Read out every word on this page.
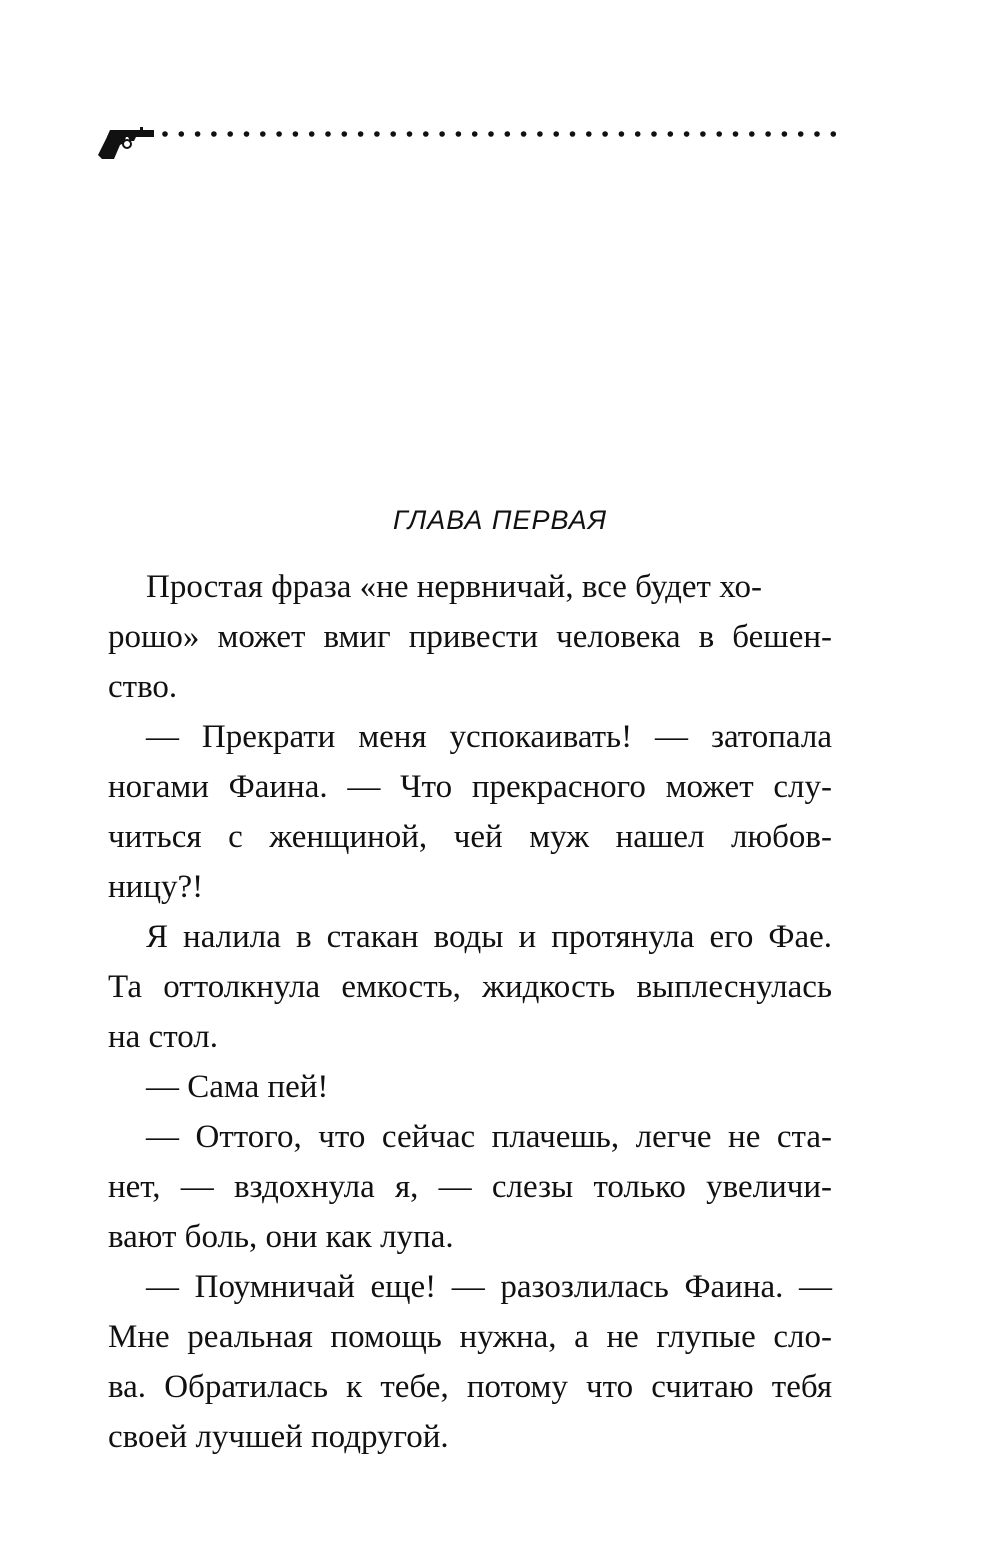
ГЛАВА ПЕРВАЯ
Простая фраза «не нервничай, все будет хо-
рошо» может вмиг привести человека в бешен-
ство.
— Прекрати меня успокаивать! — затопала
ногами Фаина. — Что прекрасного может слу-
читься с женщиной, чей муж нашел любов-
ницу?!
Я налила в стакан воды и протянула его Фае.
Та оттолкнула емкость, жидкость выплеснулась
на стол.
— Сама пей!
— Оттого, что сейчас плачешь, легче не ста-
нет, — вздохнула я, — слезы только увеличи-
вают боль, они как лупа.
— Поумничай еще! — разозлилась Фаина. —
Мне реальная помощь нужна, а не глупые сло-
ва. Обратилась к тебе, потому что считаю тебя
своей лучшей подругой.
